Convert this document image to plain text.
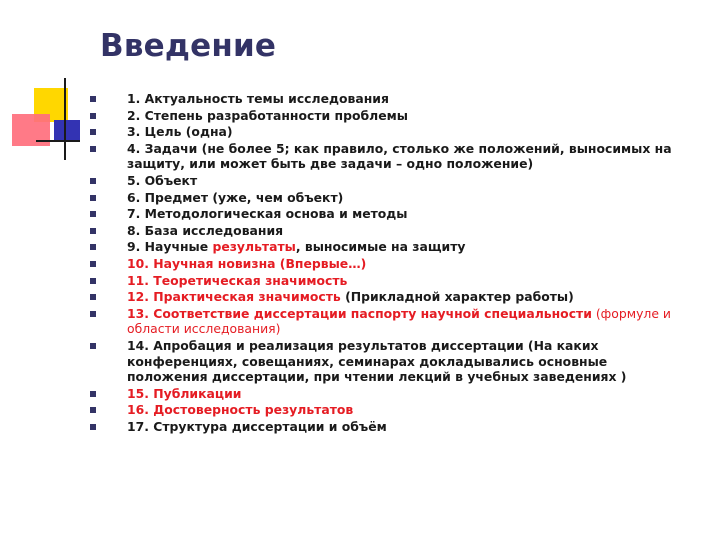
Введение
1. Актуальность темы исследования
2. Степень разработанности проблемы
3. Цель (одна)
4. Задачи (не более 5; как правило, столько же положений, выносимых на защиту, или может быть две задачи – одно положение)
5. Объект
6. Предмет (уже, чем объект)
7. Методологическая основа и методы
8. База исследования
9. Научные результаты, выносимые на защиту
10. Научная новизна (Впервые…)
11. Теоретическая значимость
12. Практическая значимость (Прикладной характер работы)
13. Соответствие диссертации паспорту научной специальности (формуле и области исследования)
14. Апробация и реализация результатов диссертации (На каких конференциях, совещаниях, семинарах докладывались основные положения диссертации, при чтении лекций в учебных заведениях )
15. Публикации
16. Достоверность результатов
17. Структура диссертации и объём
